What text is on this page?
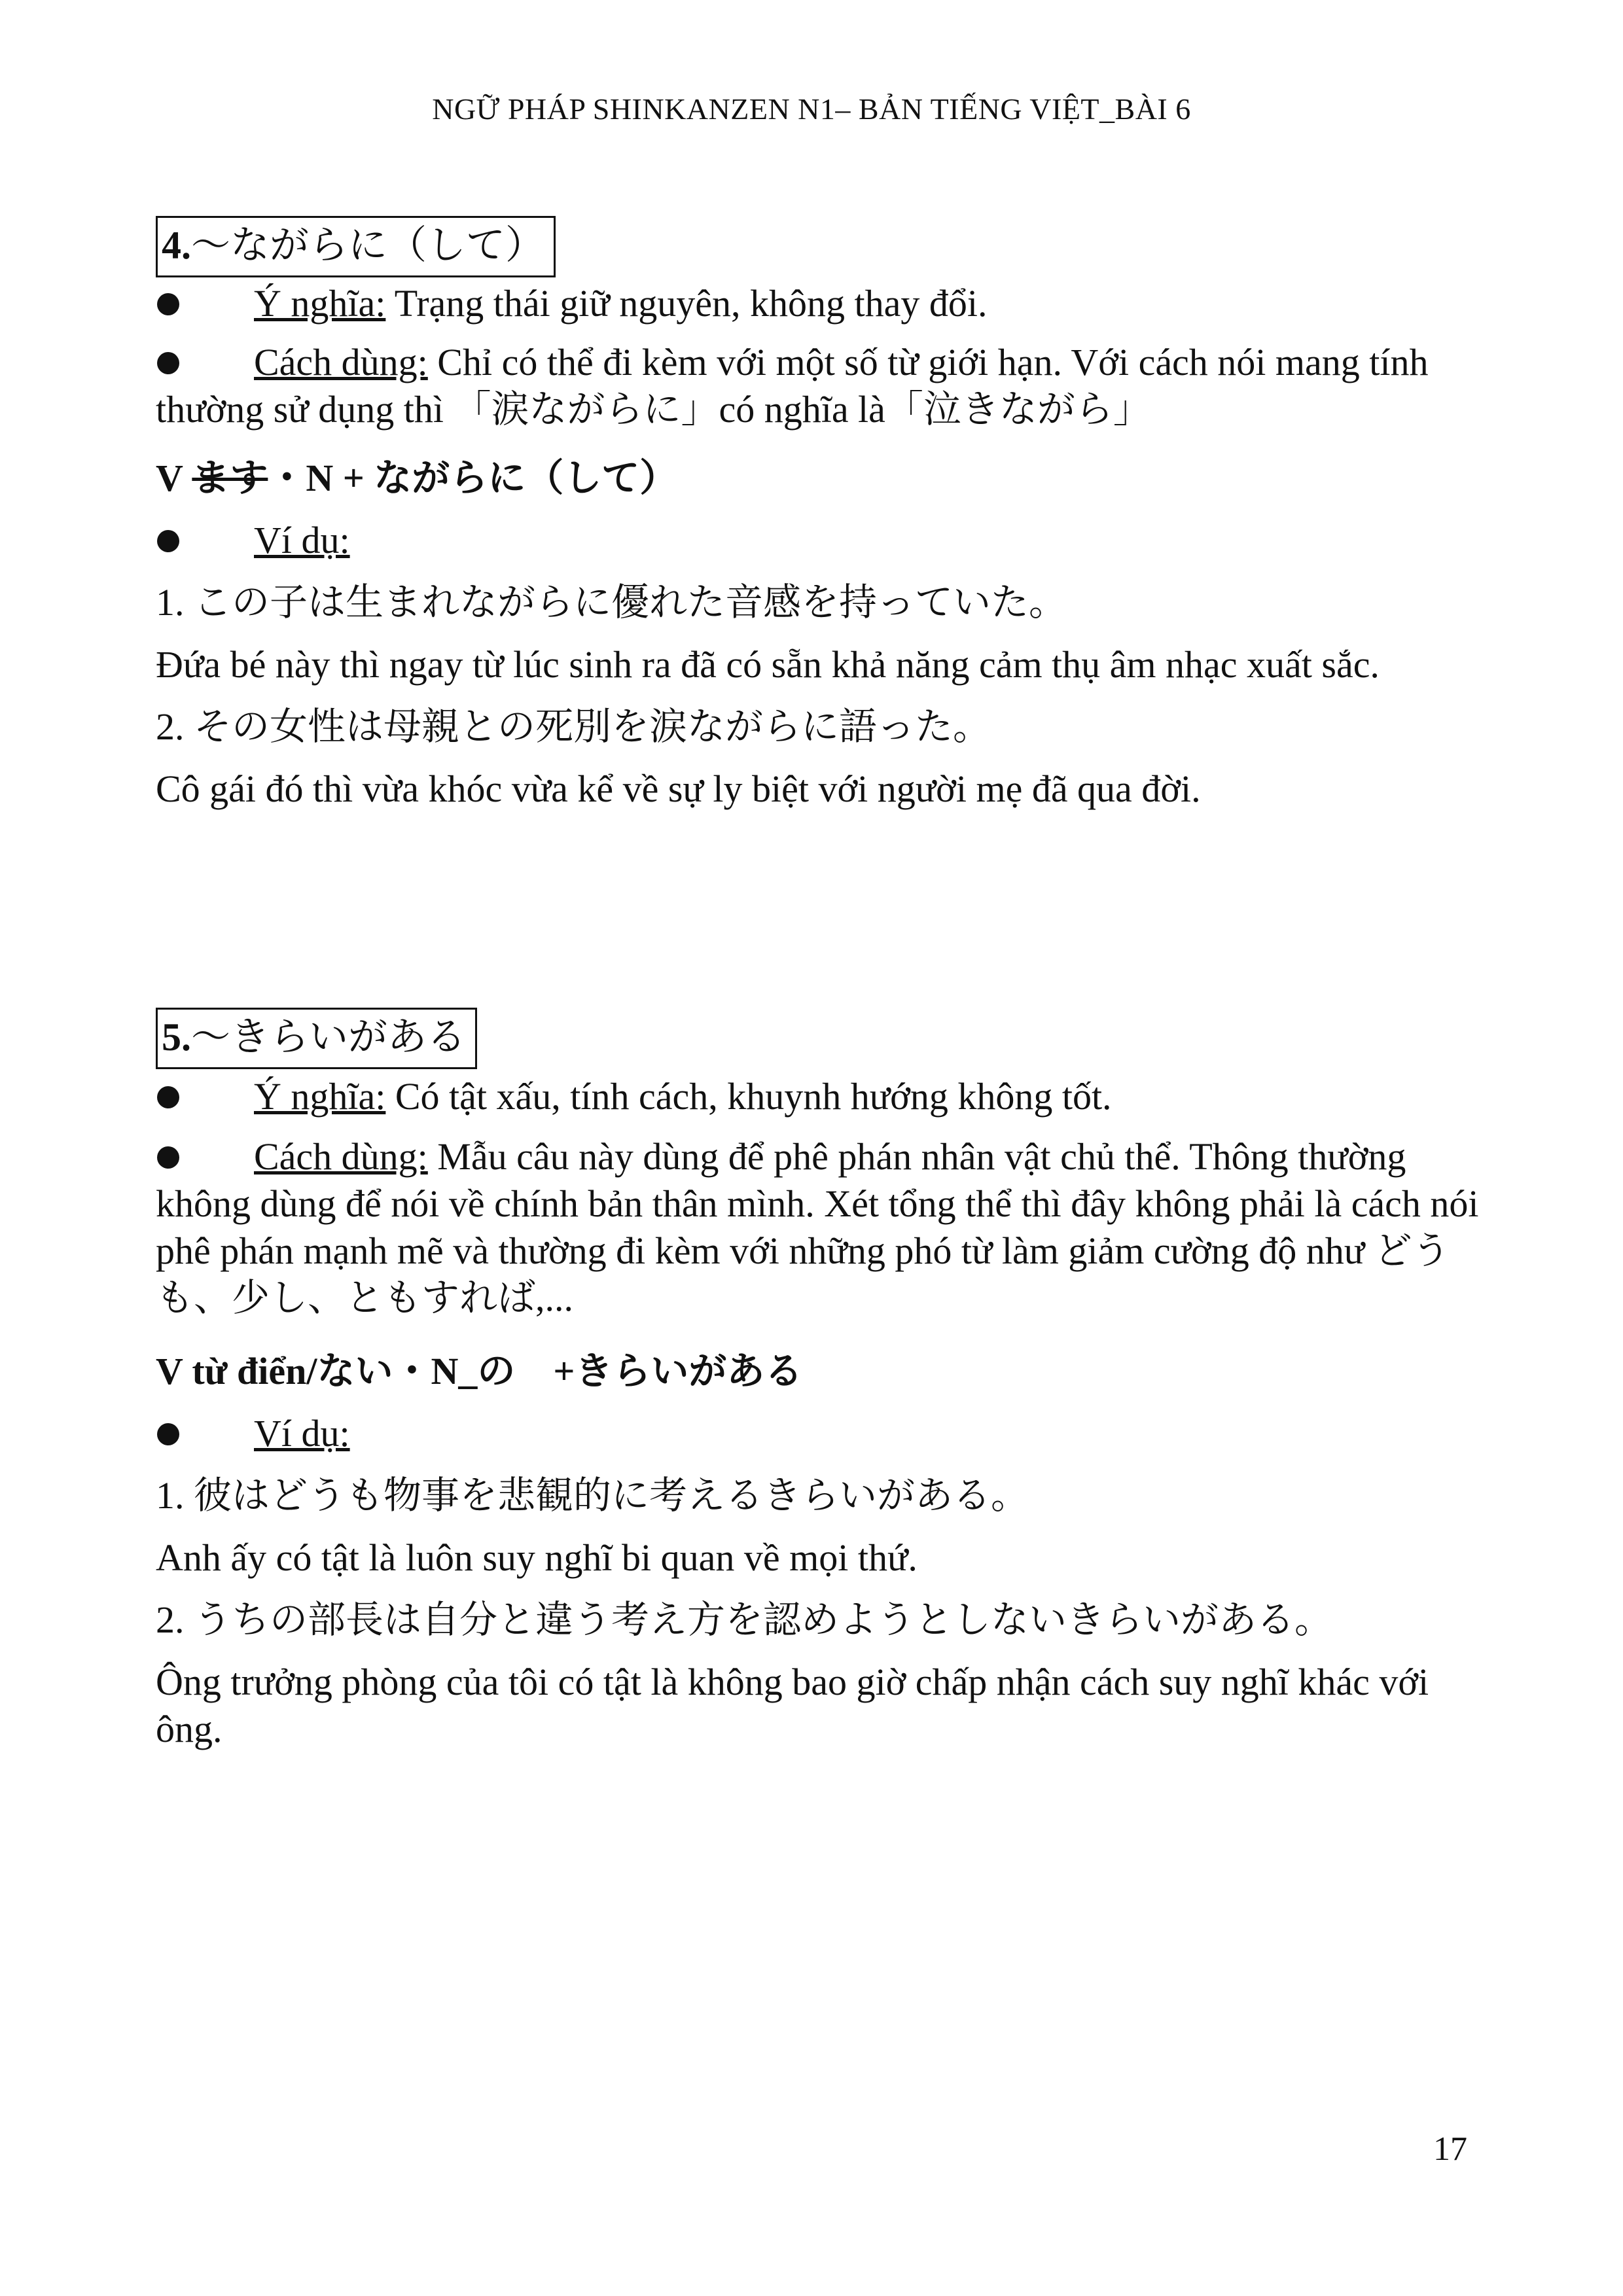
NGỮ PHÁP SHINKANZEN N1– BẢN TIẾNG VIỆT_BÀI 6
4.〜ながらに（して）
Ý nghĩa: Trạng thái giữ nguyên, không thay đổi.
Cách dùng: Chỉ có thể đi kèm với một số từ giới hạn. Với cách nói mang tính thường sử dụng thì 「涙ながらに」có nghĩa là「泣きながら」
V ます・N + ながらに（して）
Ví dụ:
1. この子は生まれながらに優れた音感を持っていた。
Đứa bé này thì ngay từ lúc sinh ra đã có sẵn khả năng cảm thụ âm nhạc xuất sắc.
2. その女性は母親との死別を涙ながらに語った。
Cô gái đó thì vừa khóc vừa kể về sự ly biệt với người mẹ đã qua đời.
5.〜きらいがある
Ý nghĩa: Có tật xấu, tính cách, khuynh hướng không tốt.
Cách dùng: Mẫu câu này dùng để phê phán nhân vật chủ thể. Thông thường không dùng để nói về chính bản thân mình. Xét tổng thể thì đây không phải là cách nói phê phán mạnh mẽ và thường đi kèm với những phó từ làm giảm cường độ như どうも、少し、ともすれば,...
V từ điển/ない・N_の　+きらいがある
Ví dụ:
1. 彼はどうも物事を悲観的に考えるきらいがある。
Anh ấy có tật là luôn suy nghĩ bi quan về mọi thứ.
2. うちの部長は自分と違う考え方を認めようとしないきらいがある。
Ông trưởng phòng của tôi có tật là không bao giờ chấp nhận cách suy nghĩ khác với ông.
17
